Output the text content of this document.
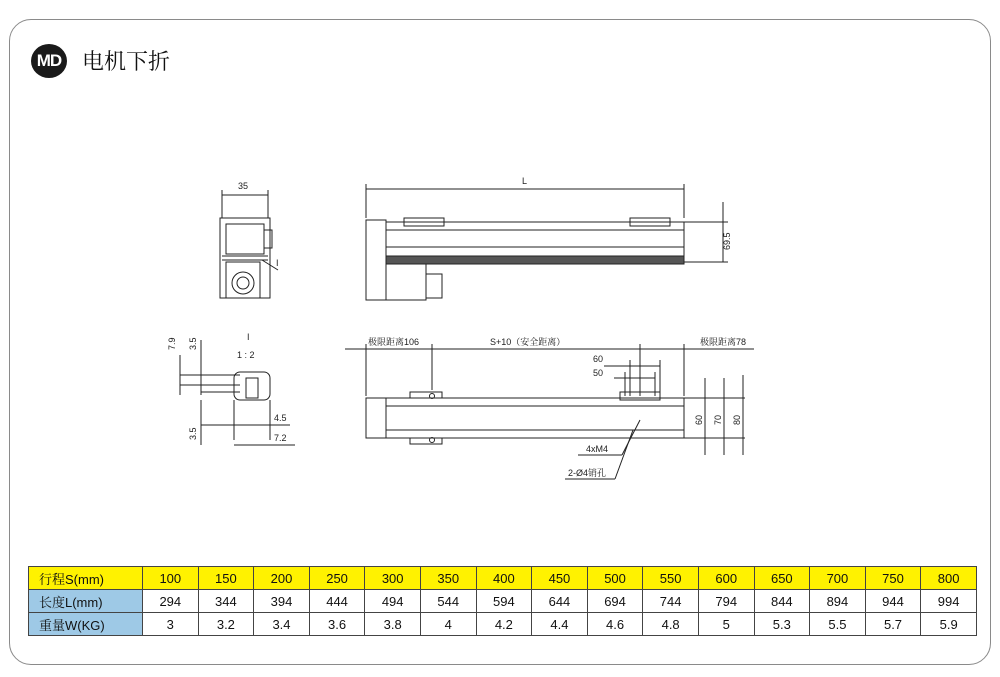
MD 电机下折
35	L
69.5
I
7.9 3.5
3.5
I
1 : 2
4.5
7.2
极限距离106	S+10（安全距离）	极限距离78
60
50
60 70 80
4xM4
2-Ø4销孔
行程S(mm)	100	150	200	250	300	350	400	450	500	550	600	650	700	750	800
长度L(mm)	294	344	394	444	494	544	594	644	694	744	794	844	894	944	994
重量W(KG)	3	3.2	3.4	3.6	3.8	4	4.2	4.4	4.6	4.8	5	5.3	5.5	5.7	5.9
